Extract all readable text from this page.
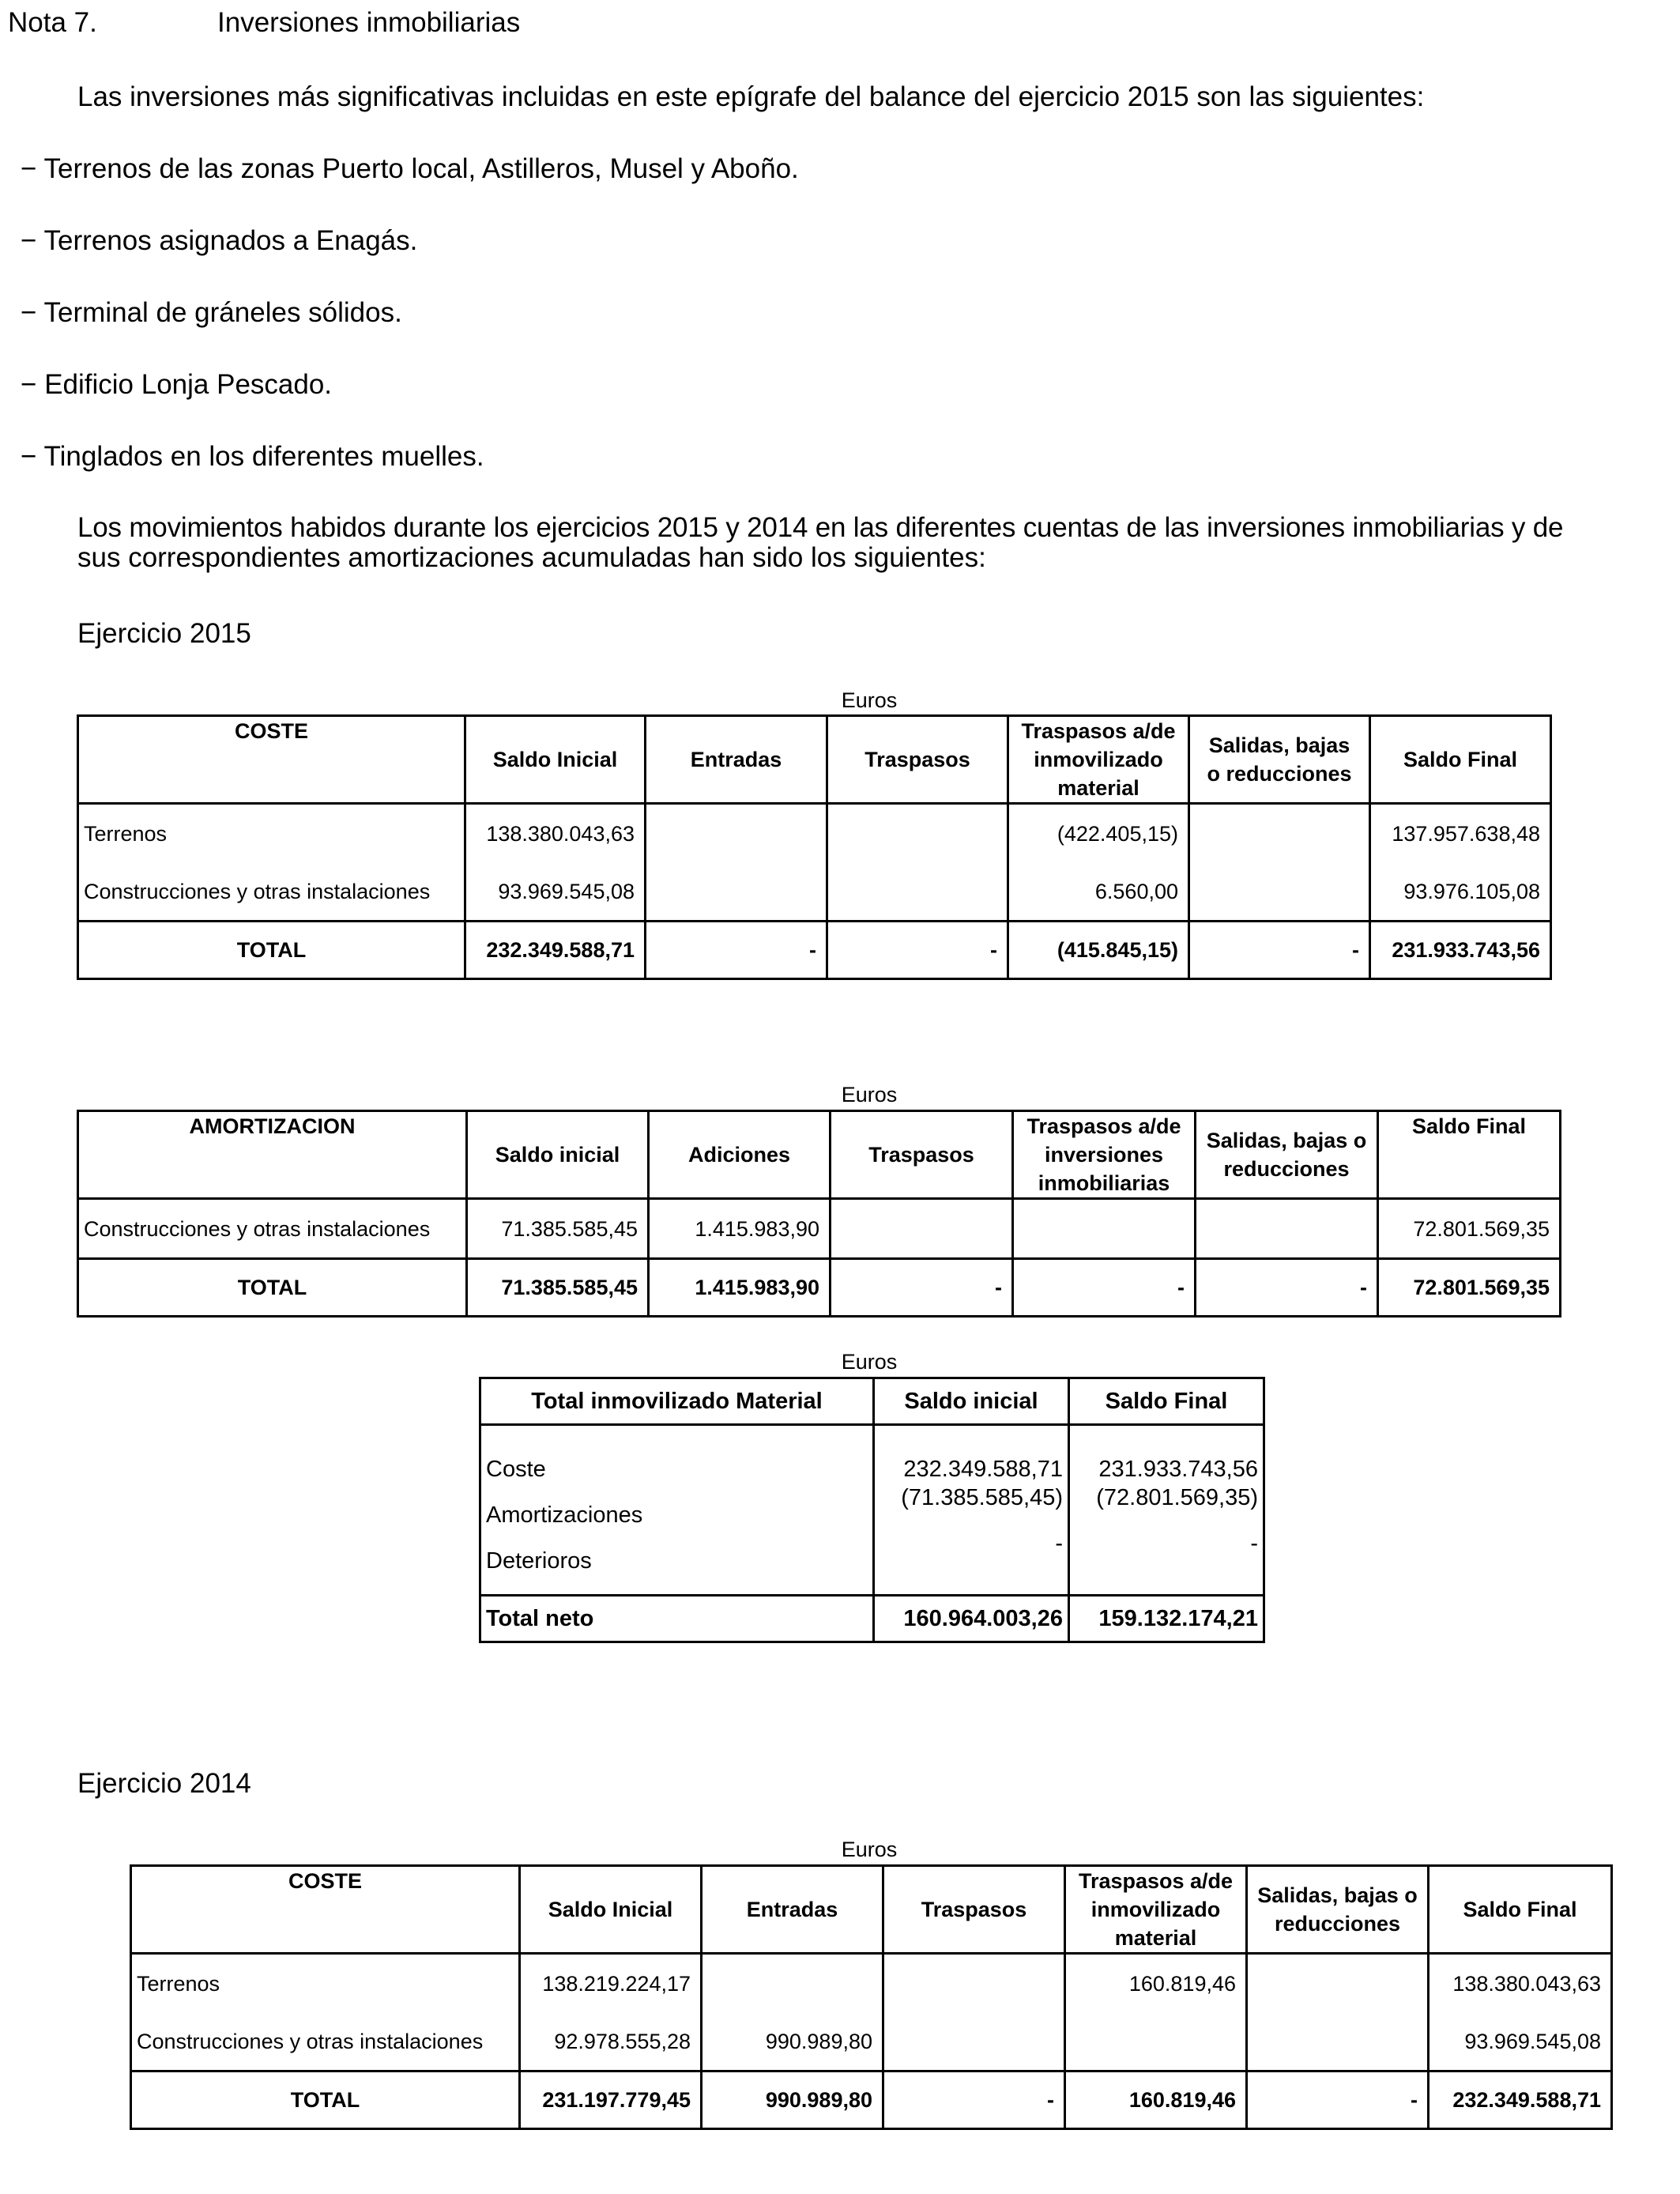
Nota 7.	Inversiones inmobiliarias
Las inversiones más significativas incluidas en este epígrafe del balance del ejercicio 2015 son las siguientes:
− Terrenos de las zonas Puerto local, Astilleros, Musel y Aboño.
− Terrenos asignados a Enagás.
− Terminal de gráneles sólidos.
− Edificio Lonja Pescado.
− Tinglados en los diferentes muelles.
Los movimientos habidos durante los ejercicios 2015 y 2014 en las diferentes cuentas de las inversiones inmobiliarias y de
sus correspondientes amortizaciones acumuladas han sido los siguientes:
Ejercicio 2015
Euros
COSTE	Saldo Inicial	Entradas	Traspasos	Traspasos a/de inmovilizado material	Salidas, bajas o reducciones	Saldo Final
Terrenos	138.380.043,63			(422.405,15)		137.957.638,48
Construcciones y otras instalaciones	93.969.545,08			6.560,00		93.976.105,08
TOTAL	232.349.588,71	-	-	(415.845,15)	-	231.933.743,56
Euros
AMORTIZACION	Saldo inicial	Adiciones	Traspasos	Traspasos a/de inversiones inmobiliarias	Salidas, bajas o reducciones	Saldo Final
Construcciones y otras instalaciones	71.385.585,45	1.415.983,90				72.801.569,35
TOTAL	71.385.585,45	1.415.983,90	-	-	-	72.801.569,35
Euros
Total inmovilizado Material	Saldo inicial	Saldo Final

Coste	232.349.588,71	231.933.743,56
Amortizaciones	(71.385.585,45)	(72.801.569,35)
Deterioros	-	-

Total neto	160.964.003,26	159.132.174,21
Ejercicio 2014
Euros
COSTE	Saldo Inicial	Entradas	Traspasos	Traspasos a/de inmovilizado material	Salidas, bajas o reducciones	Saldo Final
Terrenos	138.219.224,17			160.819,46		138.380.043,63
Construcciones y otras instalaciones	92.978.555,28	990.989,80				93.969.545,08
TOTAL	231.197.779,45	990.989,80	-	160.819,46	-	232.349.588,71
